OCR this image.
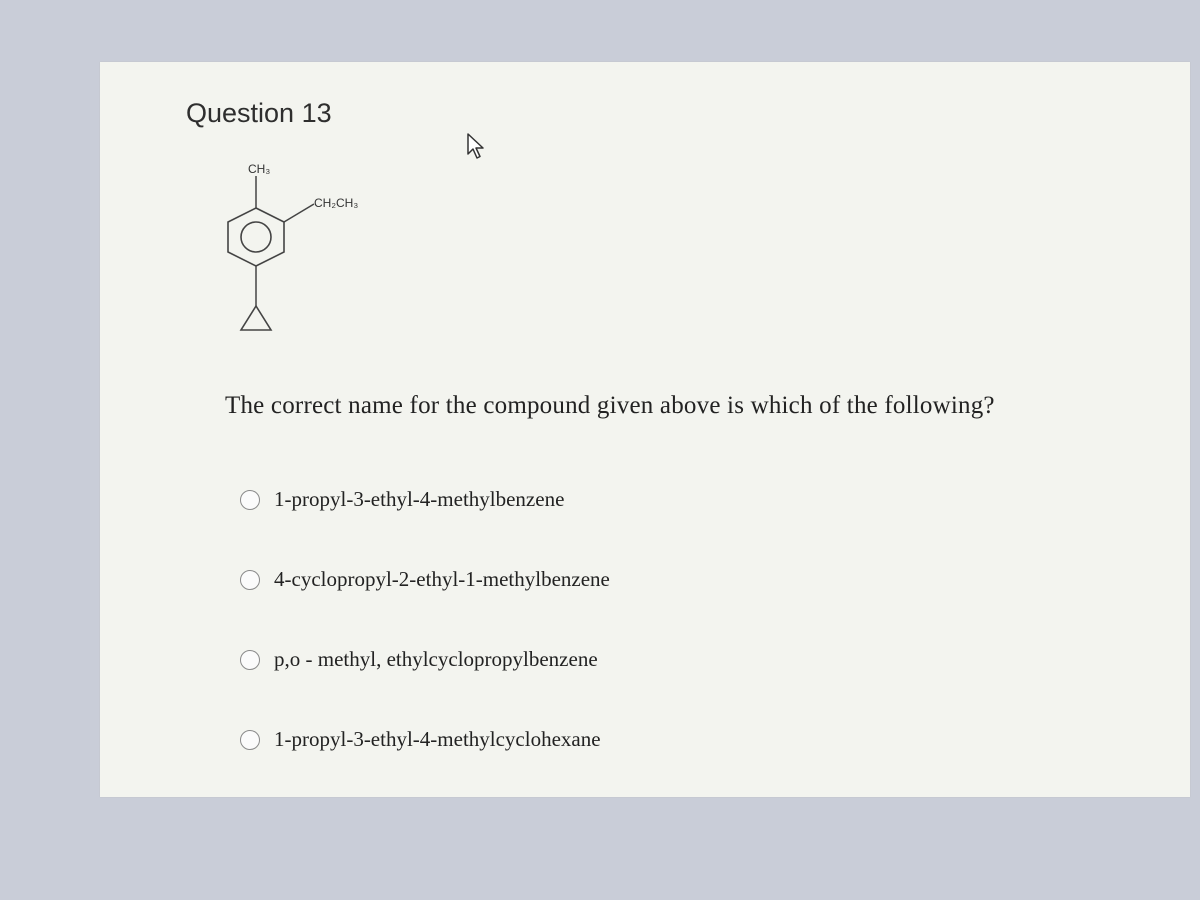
Question 13
CH₃
CH₂CH₃
The correct name for the compound given above is which of the following?
1-propyl-3-ethyl-4-methylbenzene
4-cyclopropyl-2-ethyl-1-methylbenzene
p,o - methyl, ethylcyclopropylbenzene
1-propyl-3-ethyl-4-methylcyclohexane
